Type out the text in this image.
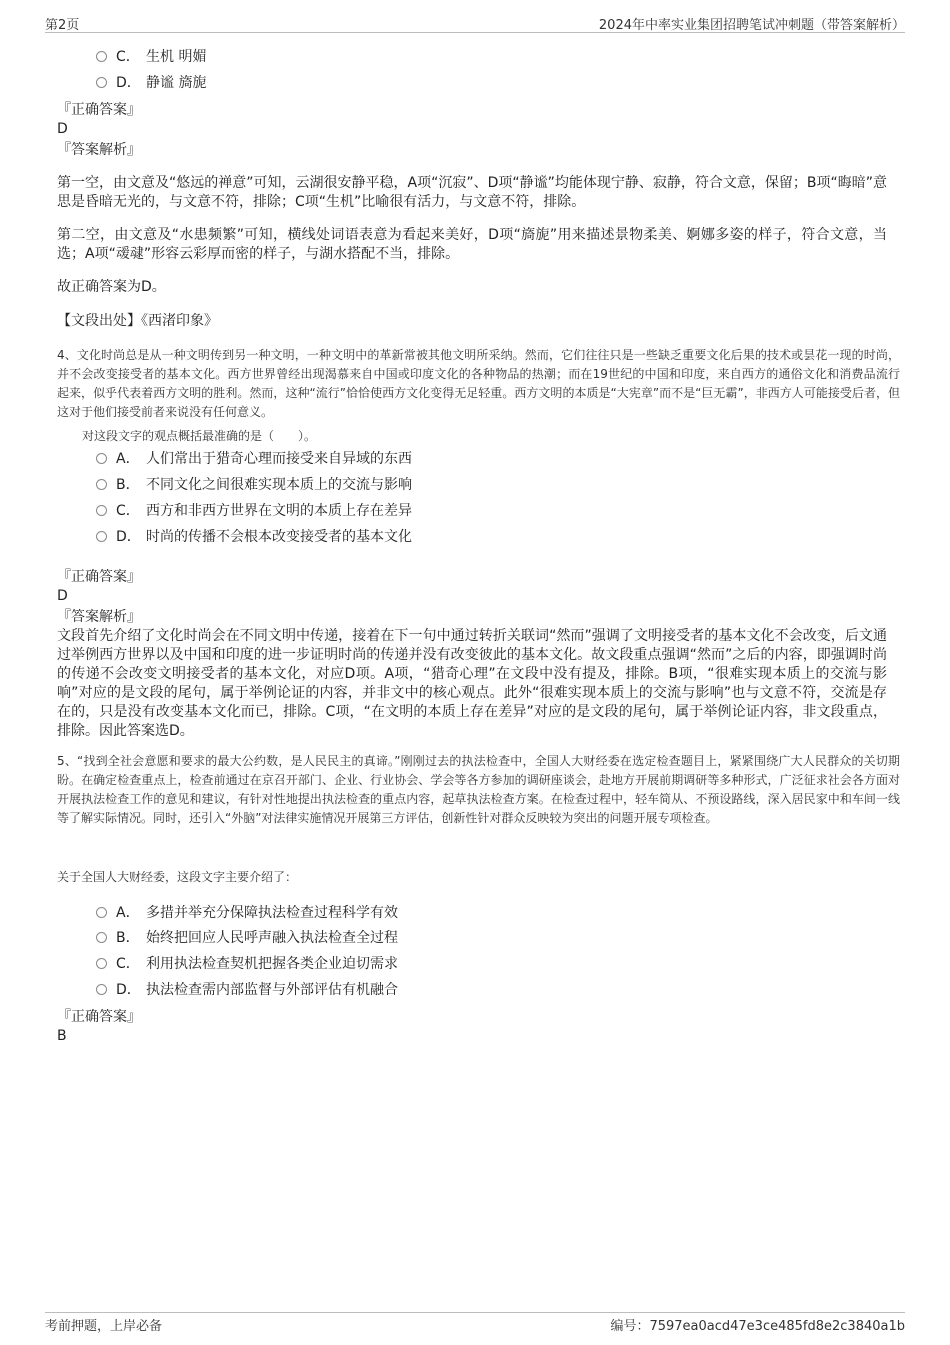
第2页	2024年中率实业集团招聘笔试冲刺题（带答案解析）
C． 生机 明媚
D． 静谧 旖旎
『正确答案』
D
『答案解析』
第一空，由文意及“悠远的禅意”可知，云湖很安静平稳，A项“沉寂”、D项“静谧”均能体现宁静、寂静，符合文意，保留；B项“晦暗”意思是昏暗无光的，与文意不符，排除；C项“生机”比喻很有活力，与文意不符，排除。
第二空，由文意及“水患频繁”可知，横线处词语表意为看起来美好，D项“旖旎”用来描述景物柔美、婀娜多姿的样子，符合文意，当选；A项“叆叇”形容云彩厚而密的样子，与湖水搭配不当，排除。
故正确答案为D。
【文段出处】《西渚印象》
4、文化时尚总是从一种文明传到另一种文明，一种文明中的革新常被其他文明所采纳。然而，它们往往只是一些缺乏重要文化后果的技术或昙花一现的时尚，并不会改变接受者的基本文化。西方世界曾经出现渴慕来自中国或印度文化的各种物品的热潮；而在19世纪的中国和印度，来自西方的通俗文化和消费品流行起来，似乎代表着西方文明的胜利。然而，这种“流行”恰恰使西方文化变得无足轻重。西方文明的本质是“大宪章”而不是“巨无霸”，非西方人可能接受后者，但这对于他们接受前者来说没有任何意义。
对这段文字的观点概括最准确的是（　　）。
A． 人们常出于猎奇心理而接受来自异域的东西
B． 不同文化之间很难实现本质上的交流与影响
C． 西方和非西方世界在文明的本质上存在差异
D． 时尚的传播不会根本改变接受者的基本文化
『正确答案』
D
『答案解析』
文段首先介绍了文化时尚会在不同文明中传递，接着在下一句中通过转折关联词“然而”强调了文明接受者的基本文化不会改变，后文通过举例西方世界以及中国和印度的进一步证明时尚的传递并没有改变彼此的基本文化。故文段重点强调“然而”之后的内容，即强调时尚的传递不会改变文明接受者的基本文化，对应D项。A项，“猎奇心理”在文段中没有提及，排除。B项，“很难实现本质上的交流与影响”对应的是文段的尾句，属于举例论证的内容，并非文中的核心观点。此外“很难实现本质上的交流与影响”也与文意不符，交流是存在的，只是没有改变基本文化而已，排除。C项，“在文明的本质上存在差异”对应的是文段的尾句，属于举例论证内容，非文段重点，排除。因此答案选D。
5、“找到全社会意愿和要求的最大公约数，是人民民主的真谛。”刚刚过去的执法检查中，全国人大财经委在选定检查题目上，紧紧围绕广大人民群众的关切期盼。在确定检查重点上，检查前通过在京召开部门、企业、行业协会、学会等各方参加的调研座谈会，赴地方开展前期调研等多种形式，广泛征求社会各方面对开展执法检查工作的意见和建议，有针对性地提出执法检查的重点内容，起草执法检查方案。在检查过程中，轻车简从、不预设路线，深入居民家中和车间一线等了解实际情况。同时，还引入“外脑”对法律实施情况开展第三方评估，创新性针对群众反映较为突出的问题开展专项检查。
关于全国人大财经委，这段文字主要介绍了：
A． 多措并举充分保障执法检查过程科学有效
B． 始终把回应人民呼声融入执法检查全过程
C． 利用执法检查契机把握各类企业迫切需求
D． 执法检查需内部监督与外部评估有机融合
『正确答案』
B
考前押题，上岸必备	编号：7597ea0acd47e3ce485fd8e2c3840a1b
